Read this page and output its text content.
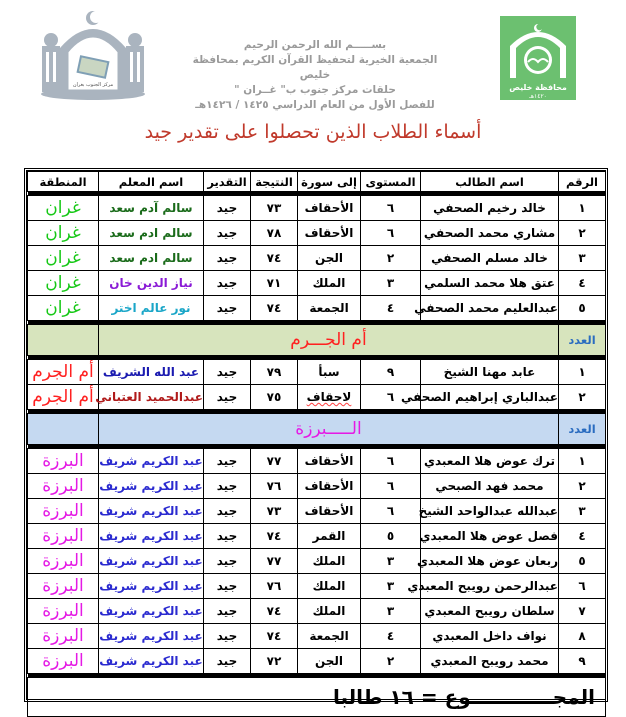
مركز الجنوب بغران
بســـــم الله الرحمن الرحيم
الجمعية الخيرية لتحفيظ القرآن الكريم بمحافظة خليص
حلقات مركز جنوب ب" غــران "
للفصل الأول من العام الدراسي ١٤٢٥ / ١٤٢٦هـ
محافظة خليص
١٤٢٠هـ
أسماء الطلاب الذين تحصلوا على تقدير جيد
المنطقة	اسم المعلم	التقدير	النتيجة	إلى سورة	المستوى	اسم الطالب	الرقم

غران	سالم آدم سعد	جيد	٧٣	الأحقاف	٦	خالد رخيم الصحفي	١
غران	سالم ادم سعد	جيد	٧٨	الأحقاف	٦	مشاري محمد الصحفي	٢
غران	سالم ادم سعد	جيد	٧٤	الجن	٢	خالد مسلم الصحفي	٣
غران	نياز الدين خان	جيد	٧١	الملك	٣	عتق هلا محمد السلمي	٤
غران	نور عالم اختر	جيد	٧٤	الجمعة	٤	عبدالعليم محمد الصحفي	٥

	أم الجـــرم						العدد

أم الجرم	عبد الله الشريف	جيد	٧٩	سبأ	٩	عابد مهنا الشيخ	١
أم الجرم	عبدالحميد العتباني	جيد	٧٥	لاحقاف	٦	عبدالباري إبراهيم الصحفي	٢

	الـــــبرزة						العدد

البرزة	عبد الكريم شريف	جيد	٧٧	الأحقاف	٦	ترك عوض هلا المعبدي	١
البرزة	عبد الكريم شريف	جيد	٧٦	الأحقاف	٦	محمد فهد الصبحي	٢
البرزة	عبد الكريم شريف	جيد	٧٣	الأحقاف	٦	عبدالله عبدالواحد الشيخ	٣
البرزة	عبد الكريم شريف	جيد	٧٤	القمر	٥	فصل عوض هلا المعبدي	٤
البرزة	عبد الكريم شريف	جيد	٧٧	الملك	٣	ربعان عوض هلا المعبدي	٥
البرزة	عبد الكريم شريف	جيد	٧٦	الملك	٣	عبدالرحمن رويبح المعبدي	٦
البرزة	عبد الكريم شريف	جيد	٧٤	الملك	٣	سلطان رويبح المعبدي	٧
البرزة	عبد الكريم شريف	جيد	٧٤	الجمعة	٤	نواف داخل المعبدي	٨
البرزة	عبد الكريم شريف	جيد	٧٢	الجن	٢	محمد رويبح المعبدي	٩

المجــــــــــــوع = ١٦ طالبا							
